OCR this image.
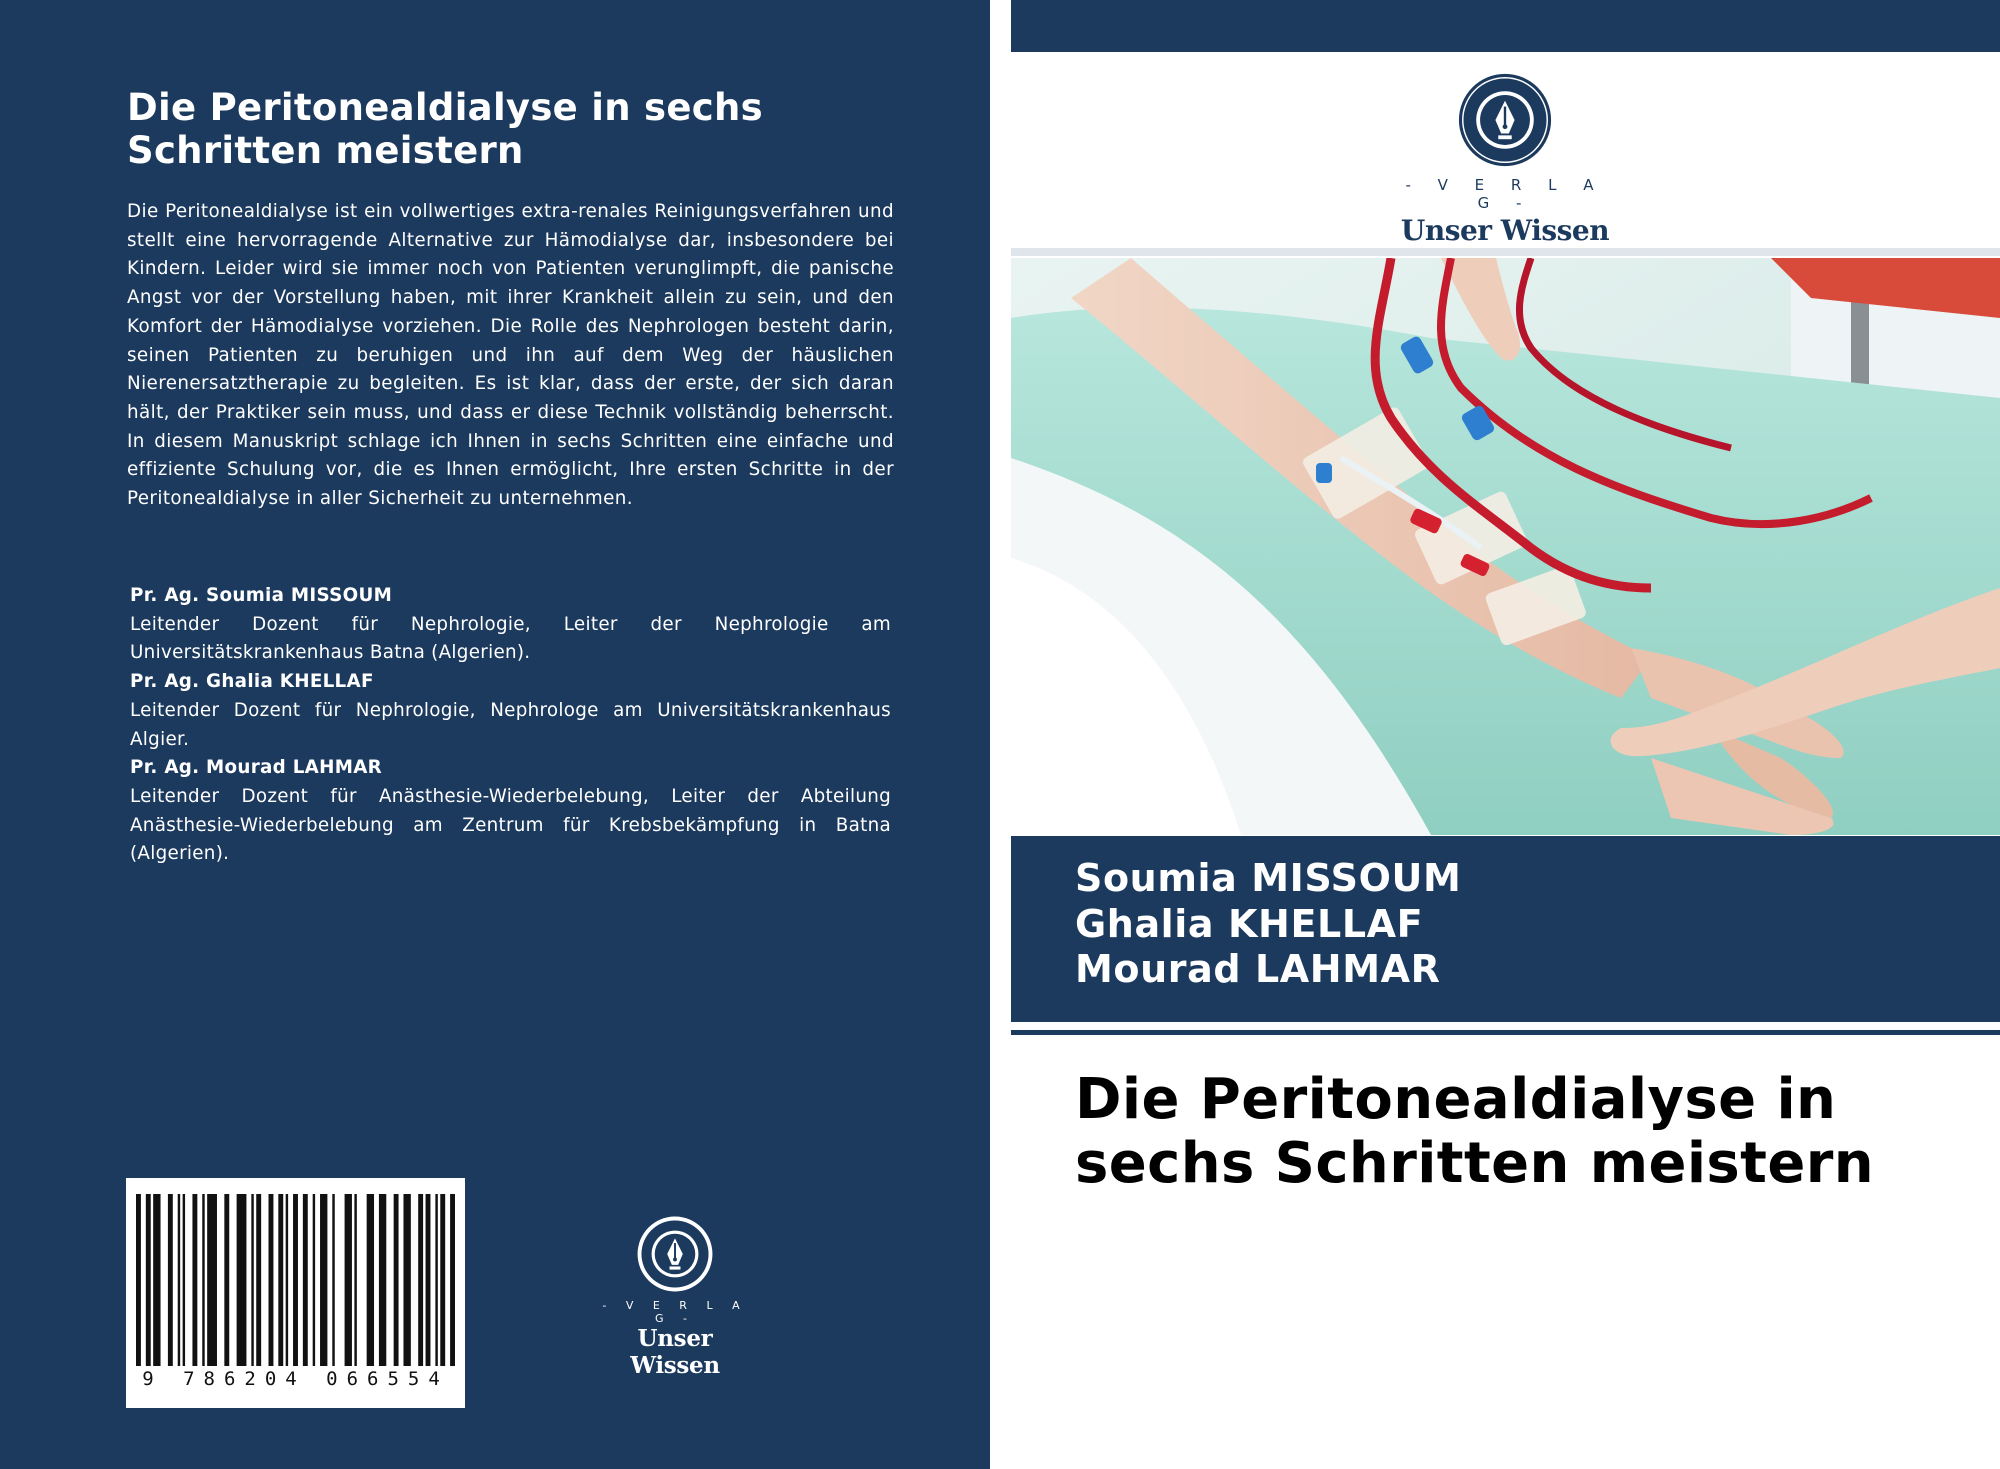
Die Peritonealdialyse in sechs Schritten meistern

Die Peritonealdialyse ist ein vollwertiges extra-renales Reinigungsverfahren und stellt eine hervorragende Alternative zur Hämodialyse dar, insbesondere bei Kindern. Leider wird sie immer noch von Patienten verunglimpft, die panische Angst vor der Vorstellung haben, mit ihrer Krankheit allein zu sein, und den Komfort der Hämodialyse vorziehen. Die Rolle des Nephrologen besteht darin, seinen Patienten zu beruhigen und ihn auf dem Weg der häuslichen Nierenersatztherapie zu begleiten. Es ist klar, dass der erste, der sich daran hält, der Praktiker sein muss, und dass er diese Technik vollständig beherrscht. In diesem Manuskript schlage ich Ihnen in sechs Schritten eine einfache und effiziente Schulung vor, die es Ihnen ermöglicht, Ihre ersten Schritte in der Peritonealdialyse in aller Sicherheit zu unternehmen.

Pr. Ag. Soumia MISSOUM
Leitender Dozent für Nephrologie, Leiter der Nephrologie am Universitätskrankenhaus Batna (Algerien).
Pr. Ag. Ghalia KHELLAF
Leitender Dozent für Nephrologie, Nephrologe am Universitätskrankenhaus Algier.
Pr. Ag. Mourad LAHMAR
Leitender Dozent für Anästhesie-Wiederbelebung, Leiter der Abteilung Anästhesie-Wiederbelebung am Zentrum für Krebsbekämpfung in Batna (Algerien).
9 786204 066554
- V E R L A G -
Unser Wissen
- V E R L A G -
Unser Wissen
Soumia MISSOUM
Ghalia KHELLAF
Mourad LAHMAR
Die Peritonealdialyse in sechs Schritten meistern
